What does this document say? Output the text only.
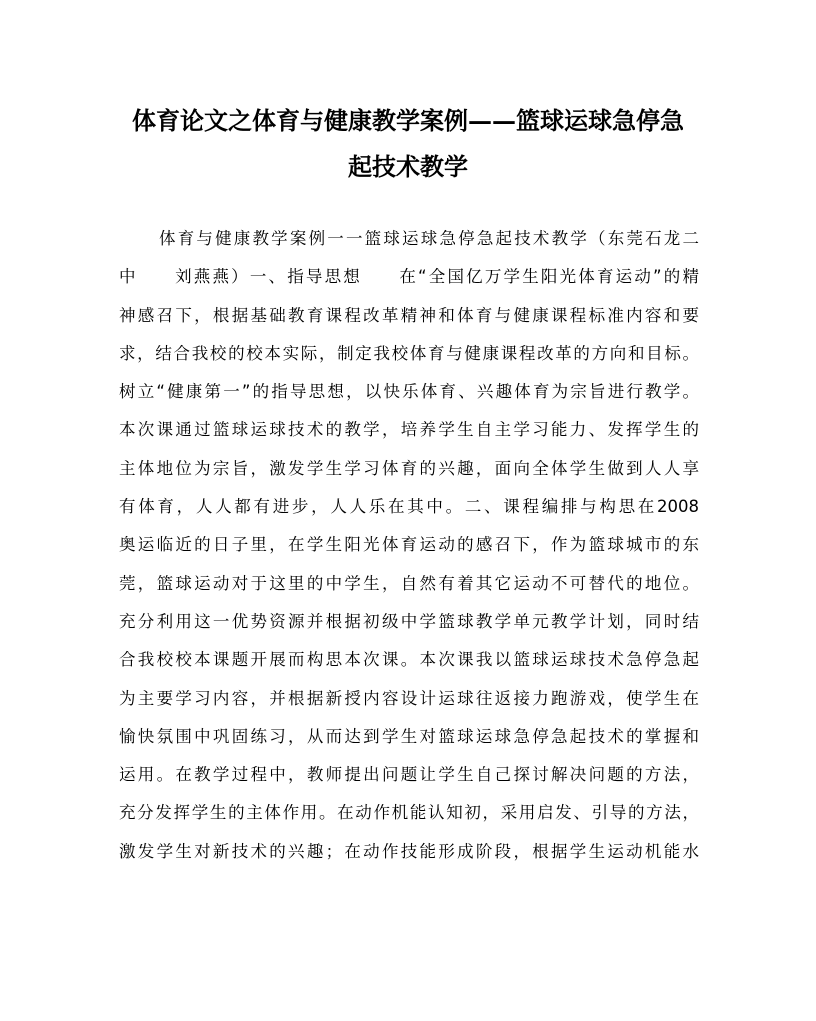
体育论文之体育与健康教学案例——篮球运球急停急
起技术教学
体育与健康教学案例一一篮球运球急停急起技术教学（东莞石龙二
中　　刘燕燕）一、指导思想　　在“全国亿万学生阳光体育运动”的精
神感召下，根据基础教育课程改革精神和体育与健康课程标准内容和要
求，结合我校的校本实际，制定我校体育与健康课程改革的方向和目标。
树立“健康第一”的指导思想，以快乐体育、兴趣体育为宗旨进行教学。
本次课通过篮球运球技术的教学，培养学生自主学习能力、发挥学生的
主体地位为宗旨，激发学生学习体育的兴趣，面向全体学生做到人人享
有体育，人人都有进步，人人乐在其中。二、课程编排与构思在2008
奥运临近的日子里，在学生阳光体育运动的感召下，作为篮球城市的东
莞，篮球运动对于这里的中学生，自然有着其它运动不可替代的地位。
充分利用这一优势资源并根据初级中学篮球教学单元教学计划，同时结
合我校校本课题开展而构思本次课。本次课我以篮球运球技术急停急起
为主要学习内容，并根据新授内容设计运球往返接力跑游戏，使学生在
愉快氛围中巩固练习，从而达到学生对篮球运球急停急起技术的掌握和
运用。在教学过程中，教师提出问题让学生自己探讨解决问题的方法，
充分发挥学生的主体作用。在动作机能认知初，采用启发、引导的方法，
激发学生对新技术的兴趣；在动作技能形成阶段，根据学生运动机能水
